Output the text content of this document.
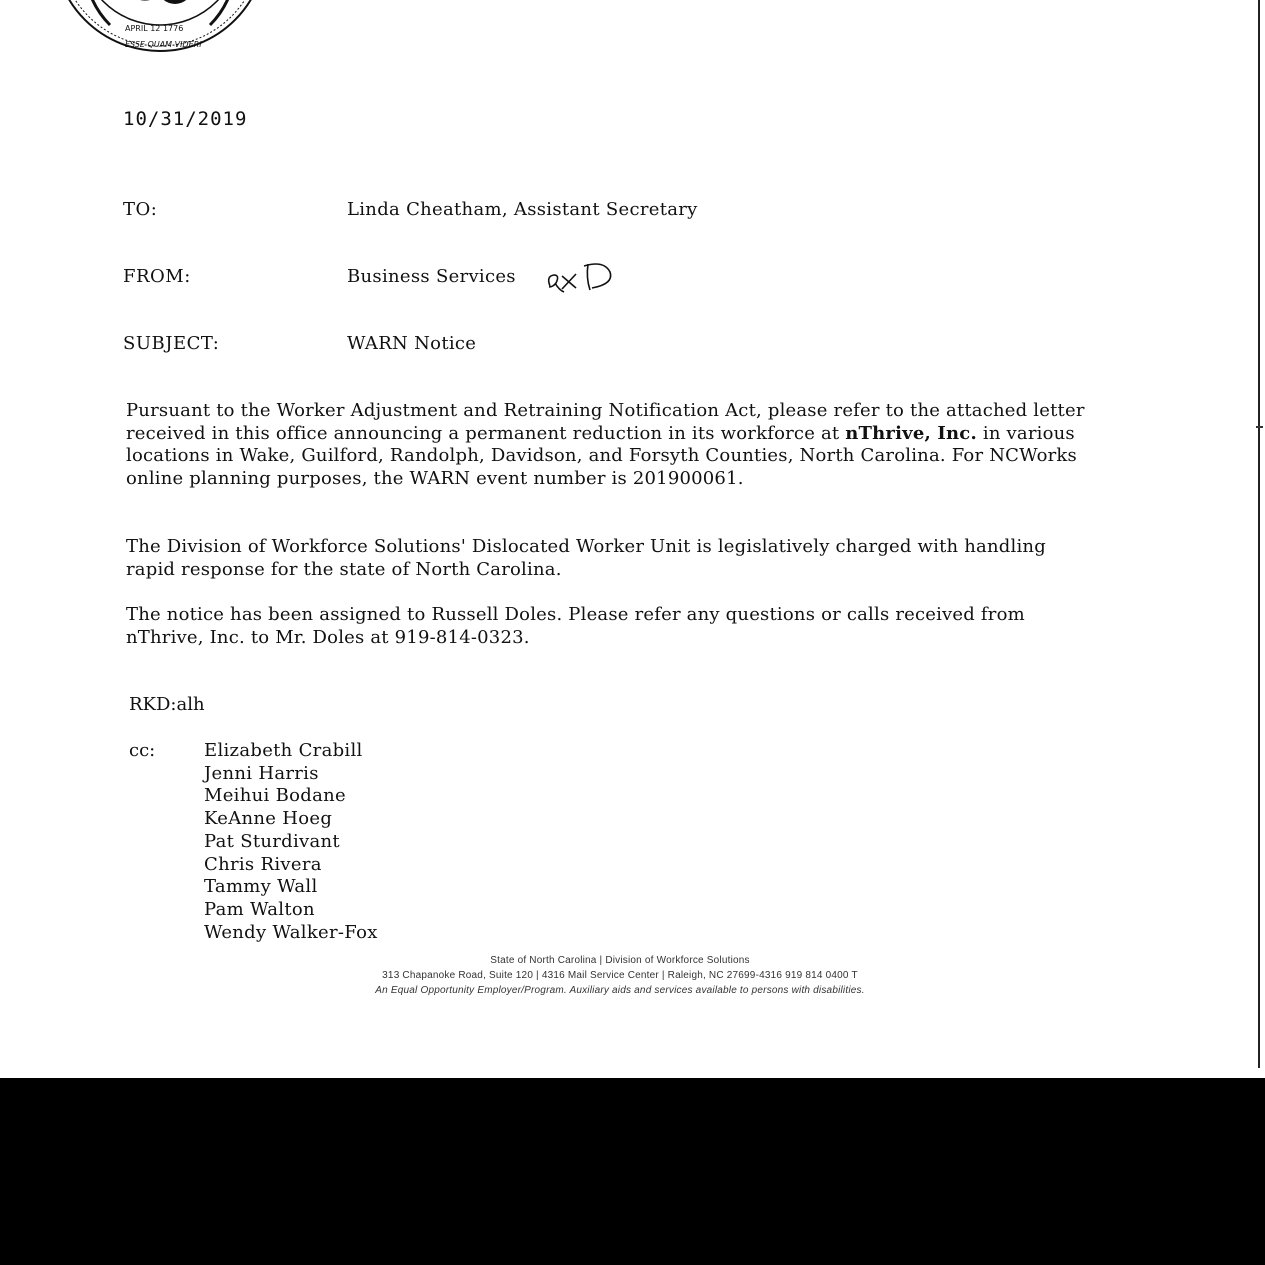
APRIL 12 1776
ESSE QUAM VIDERI
10/31/2019
TO:	Linda Cheatham, Assistant Secretary
FROM:	Business Services
SUBJECT:	WARN Notice

Pursuant to the Worker Adjustment and Retraining Notification Act, please refer to the attached letter received in this office announcing a permanent reduction in its workforce at nThrive, Inc. in various locations in Wake, Guilford, Randolph, Davidson, and Forsyth Counties, North Carolina. For NCWorks online planning purposes, the WARN event number is 201900061.

The Division of Workforce Solutions' Dislocated Worker Unit is legislatively charged with handling rapid response for the state of North Carolina.

The notice has been assigned to Russell Doles. Please refer any questions or calls received from nThrive, Inc. to Mr. Doles at 919-814-0323.

RKD:alh
cc:	Elizabeth Crabill
Jenni Harris
Meihui Bodane
KeAnne Hoeg
Pat Sturdivant
Chris Rivera
Tammy Wall
Pam Walton
Wendy Walker-Fox
State of North Carolina | Division of Workforce Solutions
313 Chapanoke Road, Suite 120 | 4316 Mail Service Center | Raleigh, NC 27699-4316 919 814 0400 T
An Equal Opportunity Employer/Program. Auxiliary aids and services available to persons with disabilities.
